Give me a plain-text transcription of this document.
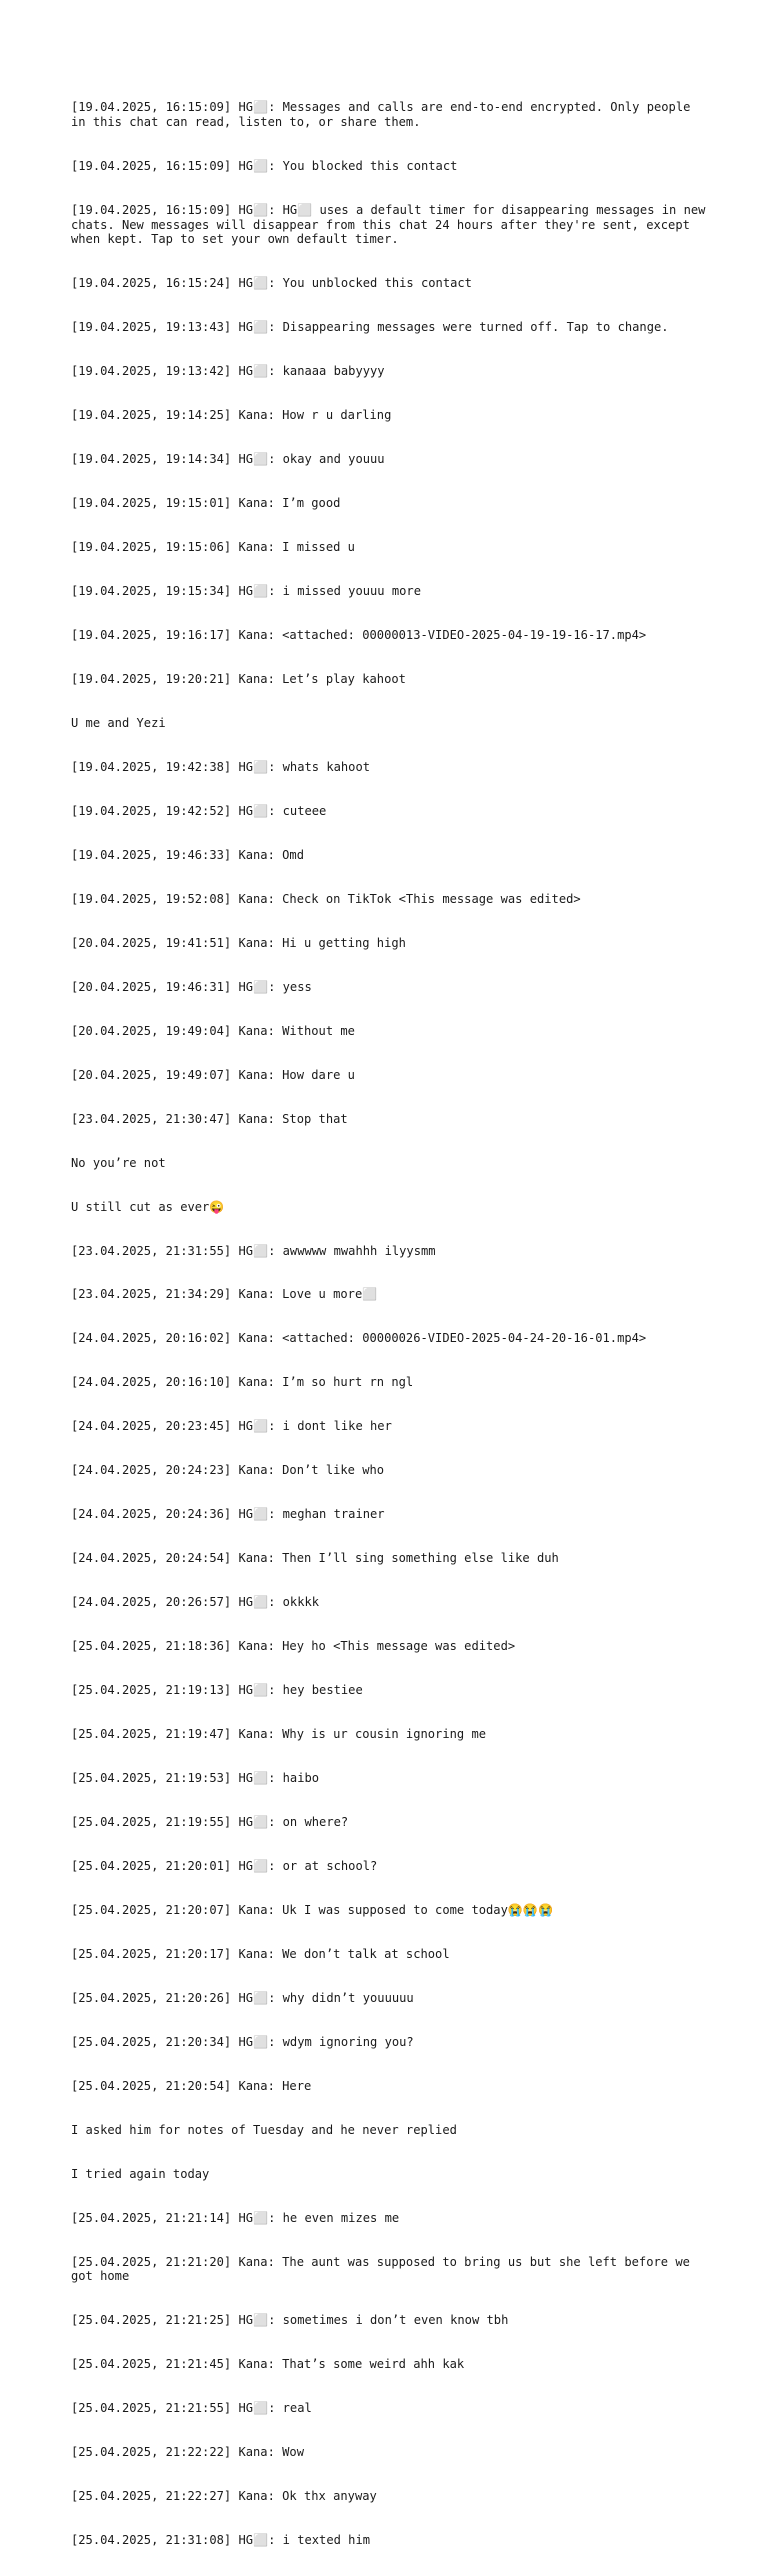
[19.04.2025, 16:15:09] HG⬜: Messages and calls are end-to-end encrypted. Only people in this chat can read, listen to, or share them.

[19.04.2025, 16:15:09] HG⬜: You blocked this contact

[19.04.2025, 16:15:09] HG⬜: HG⬜ uses a default timer for disappearing messages in new chats. New messages will disappear from this chat 24 hours after they're sent, except when kept. Tap to set your own default timer.

[19.04.2025, 16:15:24] HG⬜: You unblocked this contact

[19.04.2025, 19:13:43] HG⬜: Disappearing messages were turned off. Tap to change.

[19.04.2025, 19:13:42] HG⬜: kanaaa babyyyy

[19.04.2025, 19:14:25] Kana: How r u darling

[19.04.2025, 19:14:34] HG⬜: okay and youuu

[19.04.2025, 19:15:01] Kana: I’m good

[19.04.2025, 19:15:06] Kana: I missed u

[19.04.2025, 19:15:34] HG⬜: i missed youuu more

[19.04.2025, 19:16:17] Kana: <attached: 00000013-VIDEO-2025-04-19-19-16-17.mp4>

[19.04.2025, 19:20:21] Kana: Let’s play kahoot

U me and Yezi

[19.04.2025, 19:42:38] HG⬜: whats kahoot

[19.04.2025, 19:42:52] HG⬜: cuteee

[19.04.2025, 19:46:33] Kana: Omd

[19.04.2025, 19:52:08] Kana: Check on TikTok <This message was edited>

[20.04.2025, 19:41:51] Kana: Hi u getting high

[20.04.2025, 19:46:31] HG⬜: yess

[20.04.2025, 19:49:04] Kana: Without me

[20.04.2025, 19:49:07] Kana: How dare u

[23.04.2025, 21:30:47] Kana: Stop that

No you’re not

U still cut as ever😜

[23.04.2025, 21:31:55] HG⬜: awwwww mwahhh ilyysmm

[23.04.2025, 21:34:29] Kana: Love u more⬜

[24.04.2025, 20:16:02] Kana: <attached: 00000026-VIDEO-2025-04-24-20-16-01.mp4>

[24.04.2025, 20:16:10] Kana: I’m so hurt rn ngl

[24.04.2025, 20:23:45] HG⬜: i dont like her

[24.04.2025, 20:24:23] Kana: Don’t like who

[24.04.2025, 20:24:36] HG⬜: meghan trainer

[24.04.2025, 20:24:54] Kana: Then I’ll sing something else like duh

[24.04.2025, 20:26:57] HG⬜: okkkk

[25.04.2025, 21:18:36] Kana: Hey ho <This message was edited>

[25.04.2025, 21:19:13] HG⬜: hey bestiee

[25.04.2025, 21:19:47] Kana: Why is ur cousin ignoring me

[25.04.2025, 21:19:53] HG⬜: haibo

[25.04.2025, 21:19:55] HG⬜: on where?

[25.04.2025, 21:20:01] HG⬜: or at school?

[25.04.2025, 21:20:07] Kana: Uk I was supposed to come today😭😭😭

[25.04.2025, 21:20:17] Kana: We don’t talk at school

[25.04.2025, 21:20:26] HG⬜: why didn’t youuuuu

[25.04.2025, 21:20:34] HG⬜: wdym ignoring you?

[25.04.2025, 21:20:54] Kana: Here

I asked him for notes of Tuesday and he never replied

I tried again today

[25.04.2025, 21:21:14] HG⬜: he even mizes me

[25.04.2025, 21:21:20] Kana: The aunt was supposed to bring us but she left before we got home

[25.04.2025, 21:21:25] HG⬜: sometimes i don’t even know tbh

[25.04.2025, 21:21:45] Kana: That’s some weird ahh kak

[25.04.2025, 21:21:55] HG⬜: real

[25.04.2025, 21:22:22] Kana: Wow

[25.04.2025, 21:22:27] Kana: Ok thx anyway

[25.04.2025, 21:31:08] HG⬜: i texted him
